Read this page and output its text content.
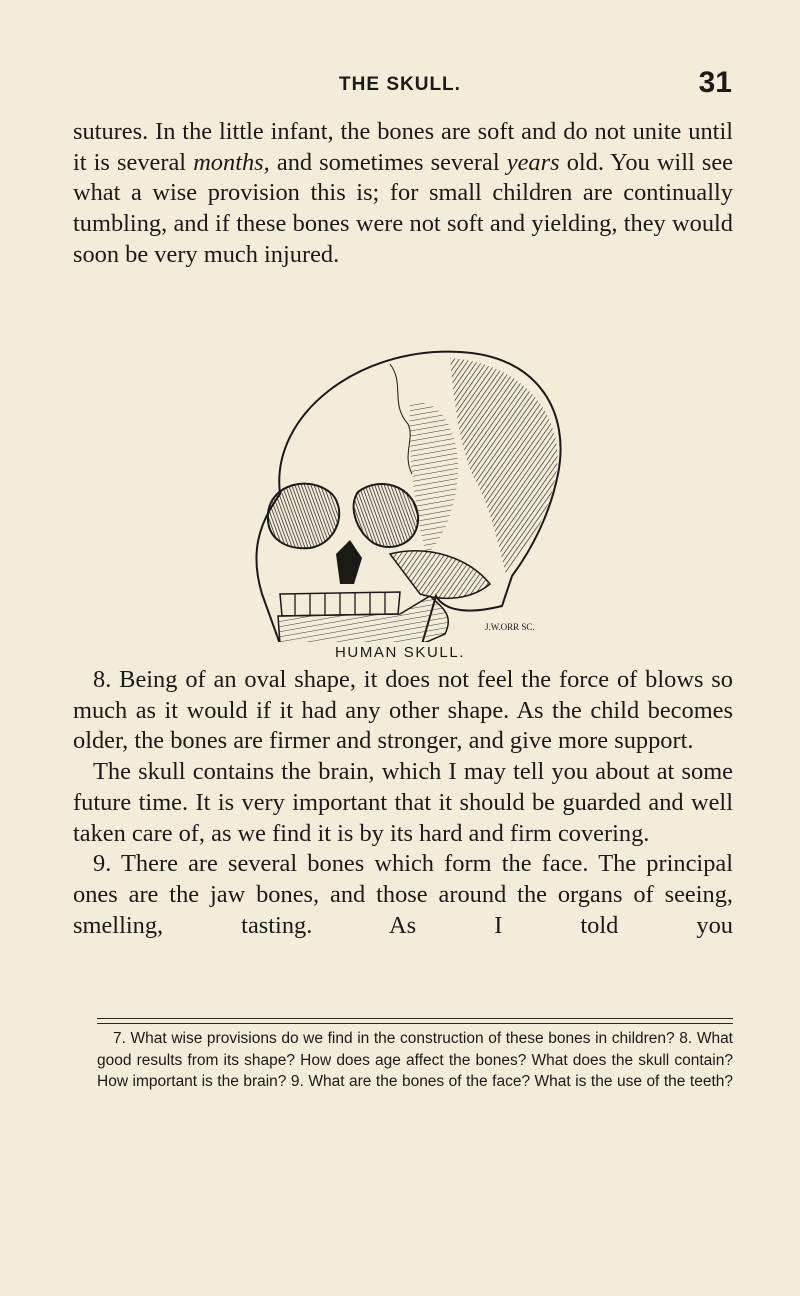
THE SKULL.	31

sutures. In the little infant, the bones are soft and do not unite until it is several months, and sometimes several years old. You will see what a wise provision this is; for small children are continually tumbling, and if these bones were not soft and yielding, they would soon be very much injured.

J.W.ORR SC.
HUMAN SKULL.

8. Being of an oval shape, it does not feel the force of blows so much as it would if it had any other shape. As the child becomes older, the bones are firmer and stronger, and give more support.

The skull contains the brain, which I may tell you about at some future time. It is very important that it should be guarded and well taken care of, as we find it is by its hard and firm covering.

9. There are several bones which form the face. The principal ones are the jaw bones, and those around the organs of seeing, smelling, tasting. As I told you

7. What wise provisions do we find in the construction of these bones in children? 8. What good results from its shape? How does age affect the bones? What does the skull contain? How important is the brain? 9. What are the bones of the face? What is the use of the teeth?
